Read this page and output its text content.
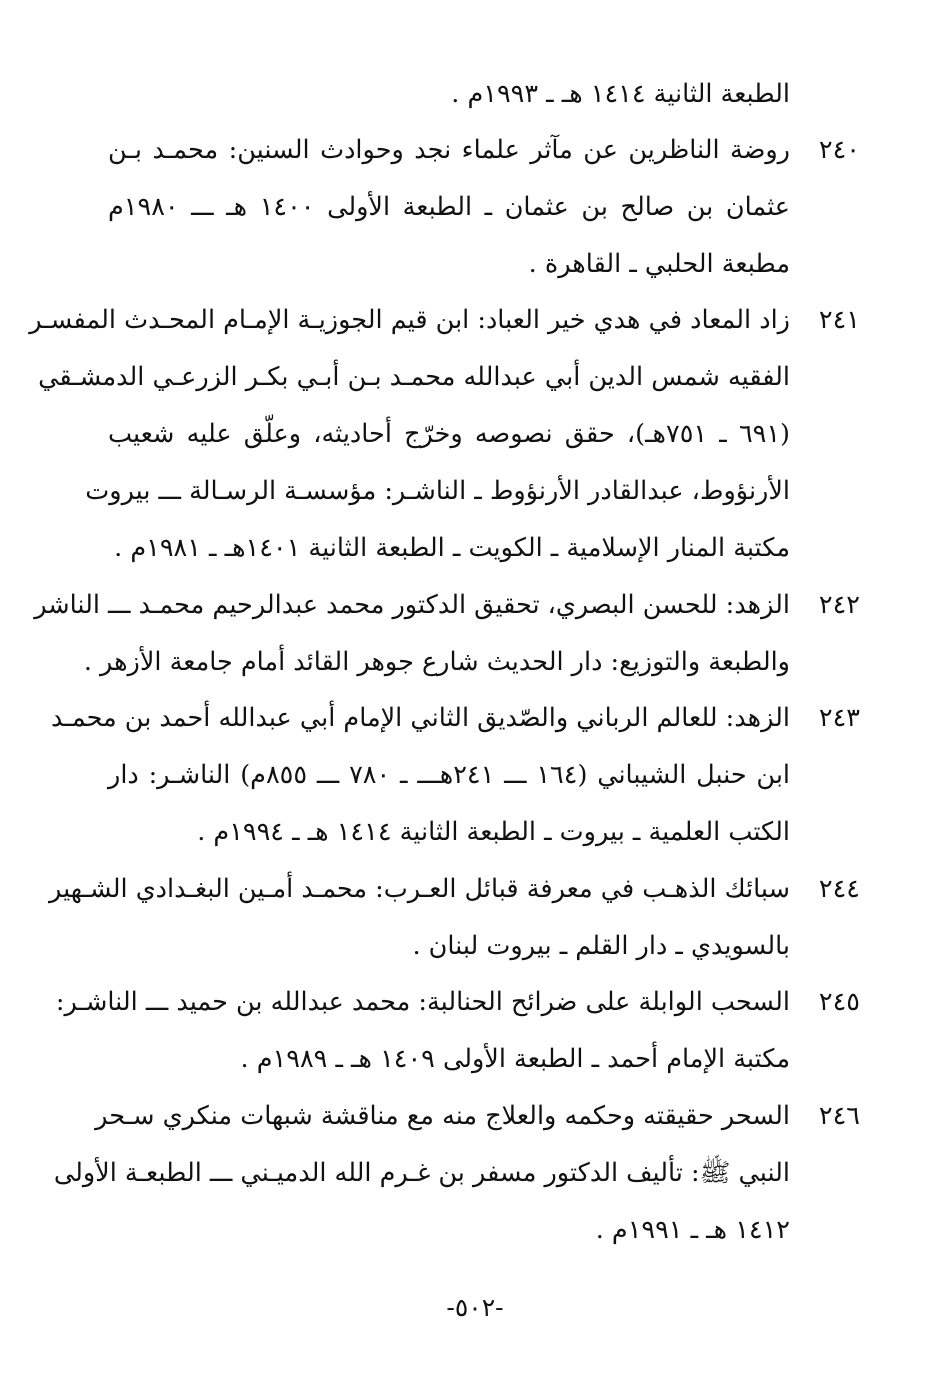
الطبعة الثانية ١٤١٤ هـ ـ ١٩٩٣م .
٢٤٠
روضة الناظرين عن مآثر علماء نجد وحوادث السنين: محمـد بـن
عثمان بن صالح بن عثمان ـ الطبعة الأولى ١٤٠٠ هـ ـــ ١٩٨٠م
مطبعة الحلبي ـ القاهرة .
٢٤١
زاد المعاد في هدي خير العباد: ابن قيم الجوزيـة الإمـام المحـدث المفسـر
الفقيه شمس الدين أبي عبدالله محمـد بـن أبـي بكـر الزرعـي الدمشـقي
(٦٩١ ـ ٧٥١هـ)، حقق نصوصه وخرّج أحاديثه، وعلّق عليه شعيب
الأرنؤوط، عبدالقادر الأرنؤوط ـ الناشـر: مؤسسـة الرسـالة ـــ بيروت
مكتبة المنار الإسلامية ـ الكويت ـ الطبعة الثانية ١٤٠١هـ ـ ١٩٨١م .
٢٤٢
الزهد: للحسن البصري، تحقيق الدكتور محمد عبدالرحيم محمـد ـــ الناشر
والطبعة والتوزيع: دار الحديث شارع جوهر القائد أمام جامعة الأزهر .
٢٤٣
الزهد: للعالم الرباني والصّديق الثاني الإمام أبي عبدالله أحمد بن محمـد
ابن حنبل الشيباني (١٦٤ ـــ ٢٤١هـــ ـ ٧٨٠ ـــ ٨٥٥م) الناشـر: دار
الكتب العلمية ـ بيروت ـ الطبعة الثانية ١٤١٤ هـ ـ ١٩٩٤م .
٢٤٤
سبائك الذهـب في معرفة قبائل العـرب: محمـد أمـين البغـدادي الشـهير
بالسويدي ـ دار القلم ـ بيروت لبنان .
٢٤٥
السحب الوابلة على ضرائح الحنالبة: محمد عبدالله بن حميد ـــ الناشـر:
مكتبة الإمام أحمد ـ الطبعة الأولى ١٤٠٩ هـ ـ ١٩٨٩م .
٢٤٦
السحر حقيقته وحكمه والعلاج منه مع مناقشة شبهات منكري سـحر
النبي ﷺ: تأليف الدكتور مسفر بن غـرم الله الدميـني ـــ الطبعـة الأولى
١٤١٢ هـ ـ ١٩٩١م .
-٥٠٢-
